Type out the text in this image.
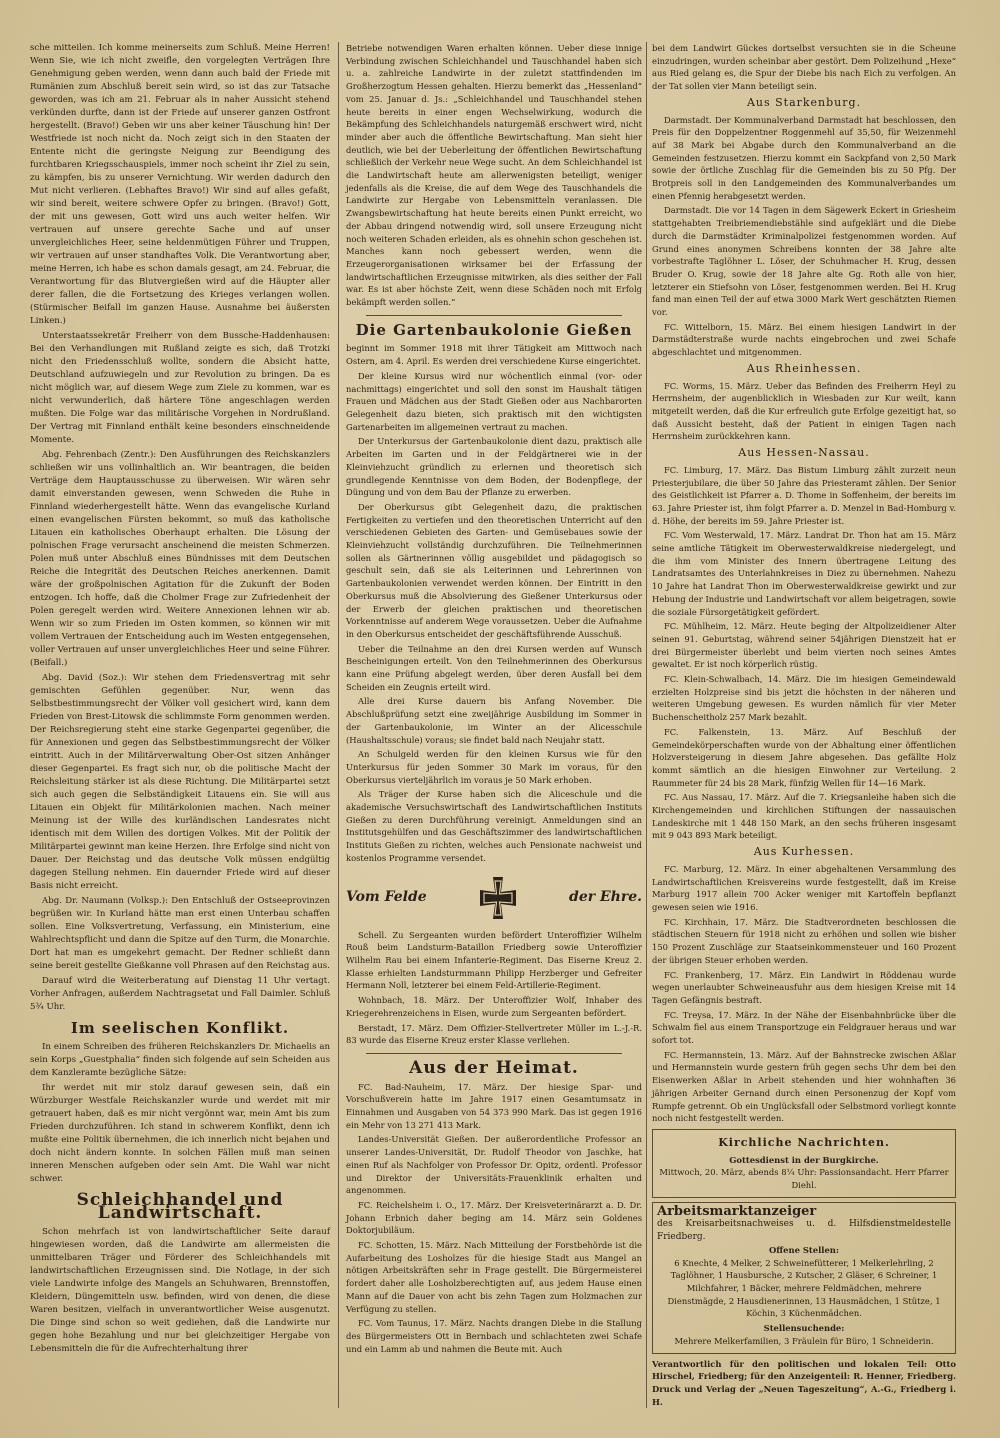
sche mitteilen. Ich komme meinerseits zum Schluß. Meine Herren! Wenn Sie, wie ich nicht zweifle, den vorgelegten Verträgen Ihre Genehmigung geben werden, wenn dann auch bald der Friede mit Rumänien zum Abschluß bereit sein wird, so ist das zur Tatsache geworden, was ich am 21. Februar als in naher Aussicht stehend verkünden durfte, dann ist der Friede auf unserer ganzen Ostfront hergestellt. (Bravo!) Geben wir uns aber keiner Täuschung hin! Der Westfriede ist noch nicht da. Noch zeigt sich in den Staaten der Entente nicht die geringste Neigung zur Beendigung des furchtbaren Kriegsschauspiels, immer noch scheint ihr Ziel zu sein, zu kämpfen, bis zu unserer Vernichtung. Wir werden dadurch den Mut nicht verlieren. (Lebhaftes Bravo!) Wir sind auf alles gefaßt, wir sind bereit, weitere schwere Opfer zu bringen. (Bravo!) Gott, der mit uns gewesen, Gott wird uns auch weiter helfen. Wir vertrauen auf unsere gerechte Sache und auf unser unvergleichliches Heer, seine heldenmütigen Führer und Truppen, wir vertrauen auf unser standhaftes Volk. Die Verantwortung aber, meine Herren, ich habe es schon damals gesagt, am 24. Februar, die Verantwortung für das Blutvergießen wird auf die Häupter aller derer fallen, die die Fortsetzung des Krieges verlangen wollen. (Stürmischer Beifall im ganzen Hause. Ausnahme bei äußersten Linken.)

Unterstaatssekretär Freiherr von dem Bussche-Haddenhausen: Bei den Verhandlungen mit Rußland zeigte es sich, daß Trotzki nicht den Friedensschluß wollte, sondern die Absicht hatte, Deutschland aufzuwiegeln und zur Revolution zu bringen. Da es nicht möglich war, auf diesem Wege zum Ziele zu kommen, war es nicht verwunderlich, daß härtere Töne angeschlagen werden mußten. Die Folge war das militärische Vorgehen in Nordrußland. Der Vertrag mit Finnland enthält keine besonders einschneidende Momente.

Abg. Fehrenbach (Zentr.): Den Ausführungen des Reichskanzlers schließen wir uns vollinhaltlich an. Wir beantragen, die beiden Verträge dem Hauptausschusse zu überweisen. Wir wären sehr damit einverstanden gewesen, wenn Schweden die Ruhe in Finnland wiederhergestellt hätte. Wenn das evangelische Kurland einen evangelischen Fürsten bekommt, so muß das katholische Litauen ein katholisches Oberhaupt erhalten. Die Lösung der polnischen Frage verursacht anscheinend die meisten Schmerzen. Polen muß unter Abschluß eines Bündnisses mit dem Deutschen Reiche die Integrität des Deutschen Reiches anerkennen. Damit wäre der großpolnischen Agitation für die Zukunft der Boden entzogen. Ich hoffe, daß die Cholmer Frage zur Zufriedenheit der Polen geregelt werden wird. Weitere Annexionen lehnen wir ab. Wenn wir so zum Frieden im Osten kommen, so können wir mit vollem Vertrauen der Entscheidung auch im Westen entgegensehen, voller Vertrauen auf unser unvergleichliches Heer und seine Führer. (Beifall.)

Abg. David (Soz.): Wir stehen dem Friedensvertrag mit sehr gemischten Gefühlen gegenüber. Nur, wenn das Selbstbestimmungsrecht der Völker voll gesichert wird, kann dem Frieden von Brest-Litowsk die schlimmste Form genommen werden. Der Reichsregierung steht eine starke Gegenpartei gegenüber, die für Annexionen und gegen das Selbstbestimmungsrecht der Völker eintritt. Auch in der Militärverwaltung Ober-Ost sitzen Anhänger dieser Gegenpartei. Es fragt sich nur, ob die politische Macht der Reichsleitung stärker ist als diese Richtung. Die Militärpartei setzt sich auch gegen die Selbständigkeit Litauens ein. Sie will aus Litauen ein Objekt für Militärkolonien machen. Nach meiner Meinung ist der Wille des kurländischen Landesrates nicht identisch mit dem Willen des dortigen Volkes. Mit der Politik der Militärpartei gewinnt man keine Herzen. Ihre Erfolge sind nicht von Dauer. Der Reichstag und das deutsche Volk müssen endgültig dagegen Stellung nehmen. Ein dauernder Friede wird auf dieser Basis nicht erreicht.

Abg. Dr. Naumann (Volksp.): Den Entschluß der Ostseeprovinzen begrüßen wir. In Kurland hätte man erst einen Unterbau schaffen sollen. Eine Volksvertretung, Verfassung, ein Ministerium, eine Wahlrechtspflicht und dann die Spitze auf den Turm, die Monarchie. Dort hat man es umgekehrt gemacht. Der Redner schließt dann seine bereit gestellte Gießkanne voll Phrasen auf den Reichstag aus.

Darauf wird die Weiterberatung auf Dienstag 11 Uhr vertagt. Vorher Anfragen, außerdem Nachtragsetat und Fall Daimler. Schluß 5¾ Uhr.

Im seelischen Konflikt.

In einem Schreiben des früheren Reichskanzlers Dr. Michaelis an sein Korps „Guestphalia“ finden sich folgende auf sein Scheiden aus dem Kanzleramte bezügliche Sätze:

Ihr werdet mit mir stolz darauf gewesen sein, daß ein Würzburger Westfale Reichskanzler wurde und werdet mit mir getrauert haben, daß es mir nicht vergönnt war, mein Amt bis zum Frieden durchzuführen. Ich stand in schwerem Konflikt, denn ich mußte eine Politik übernehmen, die ich innerlich nicht bejahen und doch nicht ändern konnte. In solchen Fällen muß man seinen inneren Menschen aufgeben oder sein Amt. Die Wahl war nicht schwer.

Schleichhandel und Landwirtschaft.

Schon mehrfach ist von landwirtschaftlicher Seite darauf hingewiesen worden, daß die Landwirte am allermeisten die unmittelbaren Träger und Förderer des Schleichhandels mit landwirtschaftlichen Erzeugnissen sind. Die Notlage, in der sich viele Landwirte infolge des Mangels an Schuhwaren, Brennstoffen, Kleidern, Düngemitteln usw. befinden, wird von denen, die diese Waren besitzen, vielfach in unverantwortlicher Weise ausgenutzt. Die Dinge sind schon so weit gediehen, daß die Landwirte nur gegen hohe Bezahlung und nur bei gleichzeitiger Hergabe von Lebensmitteln die für die Aufrechterhaltung ihrer

Betriebe notwendigen Waren erhalten können. Ueber diese innige Verbindung zwischen Schleichhandel und Tauschhandel haben sich u. a. zahlreiche Landwirte in der zuletzt stattfindenden im Großherzogtum Hessen gehalten. Hierzu bemerkt das „Hessenland“ vom 25. Januar d. Js.: „Schleichhandel und Tauschhandel stehen heute bereits in einer engen Wechselwirkung, wodurch die Bekämpfung des Schleichhandels naturgemäß erschwert wird, nicht minder aber auch die öffentliche Bewirtschaftung. Man sieht hier deutlich, wie bei der Ueberleitung der öffentlichen Bewirtschaftung schließlich der Verkehr neue Wege sucht. An dem Schleichhandel ist die Landwirtschaft heute am allerwenigsten beteiligt, weniger jedenfalls als die Kreise, die auf dem Wege des Tauschhandels die Landwirte zur Hergabe von Lebensmitteln veranlassen. Die Zwangsbewirtschaftung hat heute bereits einen Punkt erreicht, wo der Abbau dringend notwendig wird, soll unsere Erzeugung nicht noch weiteren Schaden erleiden, als es ohnehin schon geschehen ist. Manches kann noch gebessert werden, wenn die Erzeugerorganisationen wirksamer bei der Erfassung der landwirtschaftlichen Erzeugnisse mitwirken, als dies seither der Fall war. Es ist aber höchste Zeit, wenn diese Schäden noch mit Erfolg bekämpft werden sollen.“

Die Gartenbaukolonie Gießen

beginnt im Sommer 1918 mit ihrer Tätigkeit am Mittwoch nach Ostern, am 4. April. Es werden drei verschiedene Kurse eingerichtet.

Der kleine Kursus wird nur wöchentlich einmal (vor- oder nachmittags) eingerichtet und soll den sonst im Haushalt tätigen Frauen und Mädchen aus der Stadt Gießen oder aus Nachbarorten Gelegenheit dazu bieten, sich praktisch mit den wichtigsten Gartenarbeiten im allgemeinen vertraut zu machen.

Der Unterkursus der Gartenbaukolonie dient dazu, praktisch alle Arbeiten im Garten und in der Feldgärtnerei wie in der Kleinviehzucht gründlich zu erlernen und theoretisch sich grundlegende Kenntnisse von dem Boden, der Bodenpflege, der Düngung und von dem Bau der Pflanze zu erwerben.

Der Oberkursus gibt Gelegenheit dazu, die praktischen Fertigkeiten zu vertiefen und den theoretischen Unterricht auf den verschiedenen Gebieten des Garten- und Gemüsebaues sowie der Kleinviehzucht vollständig durchzuführen. Die Teilnehmerinnen sollen als Gärtnerinnen völlig ausgebildet und pädagogisch so geschult sein, daß sie als Leiterinnen und Lehrerinnen von Gartenbaukolonien verwendet werden können. Der Eintritt in den Oberkursus muß die Absolvierung des Gießener Unterkursus oder der Erwerb der gleichen praktischen und theoretischen Vorkenntnisse auf anderem Wege voraussetzen. Ueber die Aufnahme in den Oberkursus entscheidet der geschäftsführende Ausschuß.

Ueber die Teilnahme an den drei Kursen werden auf Wunsch Bescheinigungen erteilt. Von den Teilnehmerinnen des Oberkursus kann eine Prüfung abgelegt werden, über deren Ausfall bei dem Scheiden ein Zeugnis erteilt wird.

Alle drei Kurse dauern bis Anfang November. Die Abschlußprüfung setzt eine zweijährige Ausbildung im Sommer in der Gartenbaukolonie, im Winter an der Alicesschule (Haushaltsschule) voraus; sie findet bald nach Neujahr statt.

An Schulgeld werden für den kleinen Kursus wie für den Unterkursus für jeden Sommer 30 Mark im voraus, für den Oberkursus vierteljährlich im voraus je 50 Mark erhoben.

Als Träger der Kurse haben sich die Aliceschule und die akademische Versuchswirtschaft des Landwirtschaftlichen Instituts Gießen zu deren Durchführung vereinigt. Anmeldungen sind an Institutsgehülfen und das Geschäftszimmer des landwirtschaftlichen Instituts Gießen zu richten, welches auch Pensionate nachweist und kostenlos Programme versendet.

Vom Felde	der Ehre.

Schell. Zu Sergeanten wurden befördert Unteroffizier Wilhelm Rouß beim Landsturm-Bataillon Friedberg sowie Unteroffizier Wilhelm Rau bei einem Infanterie-Regiment. Das Eiserne Kreuz 2. Klasse erhielten Landsturmmann Philipp Herzberger und Gefreiter Hermann Noll, letzterer bei einem Feld-Artillerie-Regiment.

Wohnbach, 18. März. Der Unteroffizier Wolf, Inhaber des Kriegerehrenzeichens in Eisen, wurde zum Sergeanten befördert.

Berstadt, 17. März. Dem Offizier-Stellvertreter Müller im L.-J.-R. 83 wurde das Eiserne Kreuz erster Klasse verliehen.

Aus der Heimat.

FC. Bad-Nauheim, 17. März. Der hiesige Spar- und Vorschußverein hatte im Jahre 1917 einen Gesamtumsatz in Einnahmen und Ausgaben von 54 373 990 Mark. Das ist gegen 1916 ein Mehr von 13 271 413 Mark.

Landes-Universität Gießen. Der außerordentliche Professor an unserer Landes-Universität, Dr. Rudolf Theodor von Jaschke, hat einen Ruf als Nachfolger von Professor Dr. Opitz, ordentl. Professor und Direktor der Universitäts-Frauenklinik erhalten und angenommen.

FC. Reichelsheim i. O., 17. März. Der Kreisveterinärarzt a. D. Dr. Johann Erbnich daher beging am 14. März sein Goldenes Doktorjubiläum.

FC. Schotten, 15. März. Nach Mitteilung der Forstbehörde ist die Aufarbeitung des Losholzes für die hiesige Stadt aus Mangel an nötigen Arbeitskräften sehr in Frage gestellt. Die Bürgermeisterei fordert daher alle Losholzberechtigten auf, aus jedem Hause einen Mann auf die Dauer von acht bis zehn Tagen zum Holzmachen zur Verfügung zu stellen.

FC. Vom Taunus, 17. März. Nachts drangen Diebe in die Stallung des Bürgermeisters Ott in Bernbach und schlachteten zwei Schafe und ein Lamm ab und nahmen die Beute mit. Auch

bei dem Landwirt Gückes dortselbst versuchten sie in die Scheune einzudringen, wurden scheinbar aber gestört. Dem Polizeihund „Hexe“ aus Ried gelang es, die Spur der Diebe bis nach Eich zu verfolgen. An der Tat sollen vier Mann beteiligt sein.

Aus Starkenburg.

Darmstadt. Der Kommunalverband Darmstadt hat beschlossen, den Preis für den Doppelzentner Roggenmehl auf 35,50, für Weizenmehl auf 38 Mark bei Abgabe durch den Kommunalverband an die Gemeinden festzusetzen. Hierzu kommt ein Sackpfand von 2,50 Mark sowie der örtliche Zuschlag für die Gemeinden bis zu 50 Pfg. Der Brotpreis soll in den Landgemeinden des Kommunalverbandes um einen Pfennig herabgesetzt werden.

Darmstadt. Die vor 14 Tagen in dem Sägewerk Eckert in Griesheim stattgehabten Treibriemendiebstähle sind aufgeklärt und die Diebe durch die Darmstädter Kriminalpolizei festgenommen worden. Auf Grund eines anonymen Schreibens konnten der 38 Jahre alte vorbestrafte Taglöhner L. Löser, der Schuhmacher H. Krug, dessen Bruder O. Krug, sowie der 18 Jahre alte Gg. Roth alle von hier, letzterer ein Stiefsohn von Löser, festgenommen werden. Bei H. Krug fand man einen Teil der auf etwa 3000 Mark Wert geschätzten Riemen vor.

FC. Wittelborn, 15. März. Bei einem hiesigen Landwirt in der Darmstädterstraße wurde nachts eingebrochen und zwei Schafe abgeschlachtet und mitgenommen.

Aus Rheinhessen.

FC. Worms, 15. März. Ueber das Befinden des Freiherrn Heyl zu Herrnsheim, der augenblicklich in Wiesbaden zur Kur weilt, kann mitgeteilt werden, daß die Kur erfreulich gute Erfolge gezeitigt hat, so daß Aussicht besteht, daß der Patient in einigen Tagen nach Herrnsheim zurückkehren kann.

Aus Hessen-Nassau.

FC. Limburg, 17. März. Das Bistum Limburg zählt zurzeit neun Priesterjubilare, die über 50 Jahre das Priesteramt zählen. Der Senior des Geistlichkeit ist Pfarrer a. D. Thome in Soffenheim, der bereits im 63. Jahre Priester ist, ihm folgt Pfarrer a. D. Menzel in Bad-Homburg v. d. Höhe, der bereits im 59. Jahre Priester ist.

FC. Vom Westerwald, 17. März. Landrat Dr. Thon hat am 15. März seine amtliche Tätigkeit im Oberwesterwaldkreise niedergelegt, und die ihm vom Minister des Innern übertragene Leitung des Landratsamtes des Unterlahnkreises in Diez zu übernehmen. Nahezu 10 Jahre hat Landrat Thon im Oberwesterwaldkreise gewirkt und zur Hebung der Industrie und Landwirtschaft vor allem beigetragen, sowie die soziale Fürsorgetätigkeit gefördert.

FC. Mühlheim, 12. März. Heute beging der Altpolizeidiener Alter seinen 91. Geburtstag, während seiner 54jährigen Dienstzeit hat er drei Bürgermeister überlebt und beim vierten noch seines Amtes gewaltet. Er ist noch körperlich rüstig.

FC. Klein-Schwalbach, 14. März. Die im hiesigen Gemeindewald erzielten Holzpreise sind bis jetzt die höchsten in der näheren und weiteren Umgebung gewesen. Es wurden nämlich für vier Meter Buchenscheitholz 257 Mark bezahlt.

FC. Falkenstein, 13. März. Auf Beschluß der Gemeindekörperschaften wurde von der Abhaltung einer öffentlichen Holzversteigerung in diesem Jahre abgesehen. Das gefällte Holz kommt sämtlich an die hiesigen Einwohner zur Verteilung. 2 Raummeter für 24 bis 28 Mark, fünfzig Wellen für 14—16 Mark.

FC. Aus Nassau, 17. März. Auf die 7. Kriegsanleihe haben sich die Kirchengemeinden und kirchlichen Stiftungen der nassauischen Landeskirche mit 1 448 150 Mark, an den sechs früheren insgesamt mit 9 043 893 Mark beteiligt.

Aus Kurhessen.

FC. Marburg, 12. März. In einer abgehaltenen Versammlung des Landwirtschaftlichen Kreisvereins wurde festgestellt, daß im Kreise Marburg 1917 allein 700 Acker weniger mit Kartoffeln bepflanzt gewesen seien wie 1916.

FC. Kirchhain, 17. März. Die Stadtverordneten beschlossen die städtischen Steuern für 1918 nicht zu erhöhen und sollen wie bisher 150 Prozent Zuschläge zur Staatseinkommensteuer und 160 Prozent der übrigen Steuer erhoben werden.

FC. Frankenberg, 17. März. Ein Landwirt in Röddenau wurde wegen unerlaubter Schweineausfuhr aus dem hiesigen Kreise mit 14 Tagen Gefängnis bestraft.

FC. Treysa, 17. März. In der Nähe der Eisenbahnbrücke über die Schwalm fiel aus einem Transportzuge ein Feldgrauer heraus und war sofort tot.

FC. Hermannstein, 13. März. Auf der Bahnstrecke zwischen Aßlar und Hermannstein wurde gestern früh gegen sechs Uhr dem bei den Eisenwerken Aßlar in Arbeit stehenden und hier wohnhaften 36 jährigen Arbeiter Gernand durch einen Personenzug der Kopf vom Rumpfe getrennt. Ob ein Unglücksfall oder Selbstmord vorliegt konnte noch nicht festgestellt werden.

Kirchliche Nachrichten.
Gottesdienst in der Burgkirche.

Mittwoch, 20. März, abends 8¼ Uhr: Passionsandacht. Herr Pfarrer Diehl.

Arbeitsmarktanzeiger
des Kreisarbeitsnachweises u. d. Hilfsdienstmeldestelle Friedberg.
Offene Stellen:

6 Knechte, 4 Melker, 2 Schweinefütterer, 1 Melkerlehrling, 2 Taglöhner, 1 Hausbursche, 2 Kutscher, 2 Gläser, 6 Schreiner, 1 Milchfahrer, 1 Bäcker, mehrere Feldmädchen, mehrere Dienstmägde, 2 Hausdienerinnen, 13 Hausmädchen, 1 Stütze, 1 Köchin, 3 Küchenmädchen.

Stellensuchende:

Mehrere Melkerfamilien, 3 Fräulein für Büro, 1 Schneiderin.

Verantwortlich für den politischen und lokalen Teil: Otto Hirschel, Friedberg; für den Anzeigenteil: R. Henner, Friedberg. Druck und Verlag der „Neuen Tageszeitung“, A.-G., Friedberg i. H.
